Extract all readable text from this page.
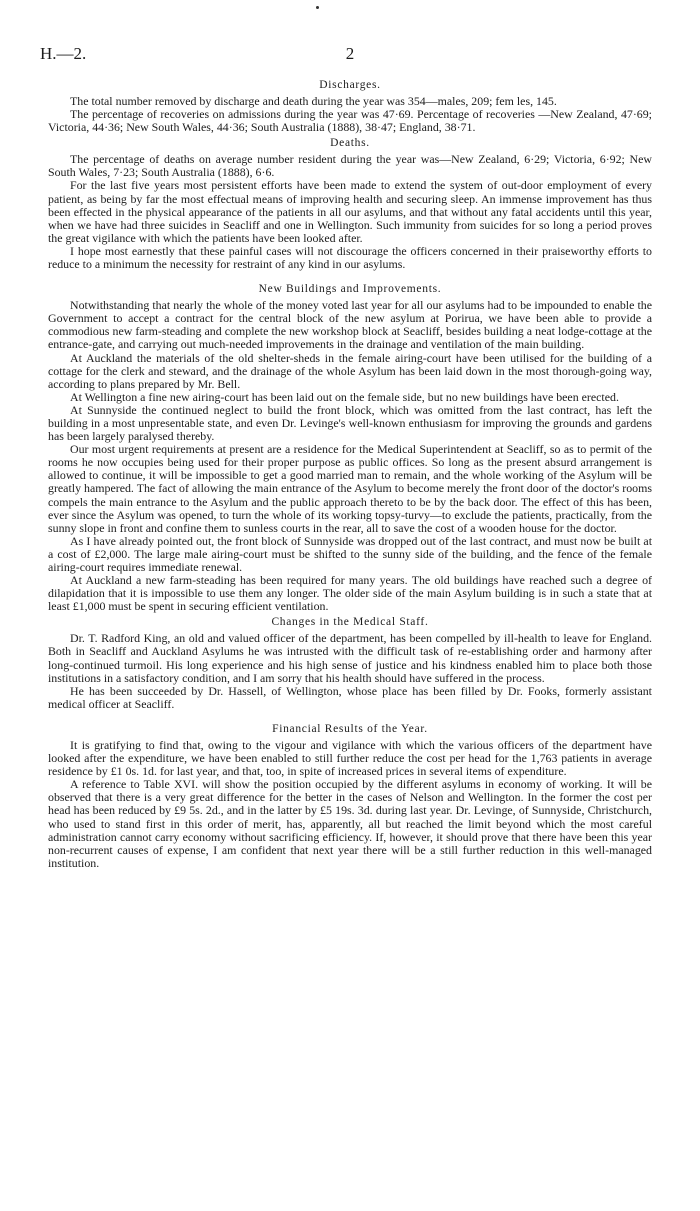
H.—2.	2
Discharges.

The total number removed by discharge and death during the year was 354—males, 209; fem les, 145.

The percentage of recoveries on admissions during the year was 47·69. Percentage of recoveries —New Zealand, 47·69; Victoria, 44·36; New South Wales, 44·36; South Australia (1888), 38·47; England, 38·71.

Deaths.

The percentage of deaths on average number resident during the year was—New Zealand, 6·29; Victoria, 6·92; New South Wales, 7·23; South Australia (1888), 6·6.

For the last five years most persistent efforts have been made to extend the system of out-door employment of every patient, as being by far the most effectual means of improving health and securing sleep. An immense improvement has thus been effected in the physical appearance of the patients in all our asylums, and that without any fatal accidents until this year, when we have had three suicides in Seacliff and one in Wellington. Such immunity from suicides for so long a period proves the great vigilance with which the patients have been looked after.

I hope most earnestly that these painful cases will not discourage the officers concerned in their praiseworthy efforts to reduce to a minimum the necessity for restraint of any kind in our asylums.

New Buildings and Improvements.

Notwithstanding that nearly the whole of the money voted last year for all our asylums had to be impounded to enable the Government to accept a contract for the central block of the new asylum at Porirua, we have been able to provide a commodious new farm-steading and complete the new workshop block at Seacliff, besides building a neat lodge-cottage at the entrance-gate, and carrying out much-needed improvements in the drainage and ventilation of the main building.

At Auckland the materials of the old shelter-sheds in the female airing-court have been utilised for the building of a cottage for the clerk and steward, and the drainage of the whole Asylum has been laid down in the most thorough-going way, according to plans prepared by Mr. Bell.

At Wellington a fine new airing-court has been laid out on the female side, but no new buildings have been erected.

At Sunnyside the continued neglect to build the front block, which was omitted from the last contract, has left the building in a most unpresentable state, and even Dr. Levinge's well-known enthusiasm for improving the grounds and gardens has been largely paralysed thereby.

Our most urgent requirements at present are a residence for the Medical Superintendent at Seacliff, so as to permit of the rooms he now occupies being used for their proper purpose as public offices. So long as the present absurd arrangement is allowed to continue, it will be impossible to get a good married man to remain, and the whole working of the Asylum will be greatly hampered. The fact of allowing the main entrance of the Asylum to become merely the front door of the doctor's rooms compels the main entrance to the Asylum and the public approach thereto to be by the back door. The effect of this has been, ever since the Asylum was opened, to turn the whole of its working topsy-turvy—to exclude the patients, practically, from the sunny slope in front and confine them to sunless courts in the rear, all to save the cost of a wooden house for the doctor.

As I have already pointed out, the front block of Sunnyside was dropped out of the last contract, and must now be built at a cost of £2,000. The large male airing-court must be shifted to the sunny side of the building, and the fence of the female airing-court requires immediate renewal.

At Auckland a new farm-steading has been required for many years. The old buildings have reached such a degree of dilapidation that it is impossible to use them any longer. The older side of the main Asylum building is in such a state that at least £1,000 must be spent in securing efficient ventilation.

Changes in the Medical Staff.

Dr. T. Radford King, an old and valued officer of the department, has been compelled by ill-health to leave for England. Both in Seacliff and Auckland Asylums he was intrusted with the difficult task of re-establishing order and harmony after long-continued turmoil. His long experience and his high sense of justice and his kindness enabled him to place both those institutions in a satisfactory condition, and I am sorry that his health should have suffered in the process.

He has been succeeded by Dr. Hassell, of Wellington, whose place has been filled by Dr. Fooks, formerly assistant medical officer at Seacliff.

Financial Results of the Year.

It is gratifying to find that, owing to the vigour and vigilance with which the various officers of the department have looked after the expenditure, we have been enabled to still further reduce the cost per head for the 1,763 patients in average residence by £1 0s. 1d. for last year, and that, too, in spite of increased prices in several items of expenditure.

A reference to Table XVI. will show the position occupied by the different asylums in economy of working. It will be observed that there is a very great difference for the better in the cases of Nelson and Wellington. In the former the cost per head has been reduced by £9 5s. 2d., and in the latter by £5 19s. 3d. during last year. Dr. Levinge, of Sunnyside, Christchurch, who used to stand first in this order of merit, has, apparently, all but reached the limit beyond which the most careful administration cannot carry economy without sacrificing efficiency. If, however, it should prove that there have been this year non-recurrent causes of expense, I am confident that next year there will be a still further reduction in this well-managed institution.
